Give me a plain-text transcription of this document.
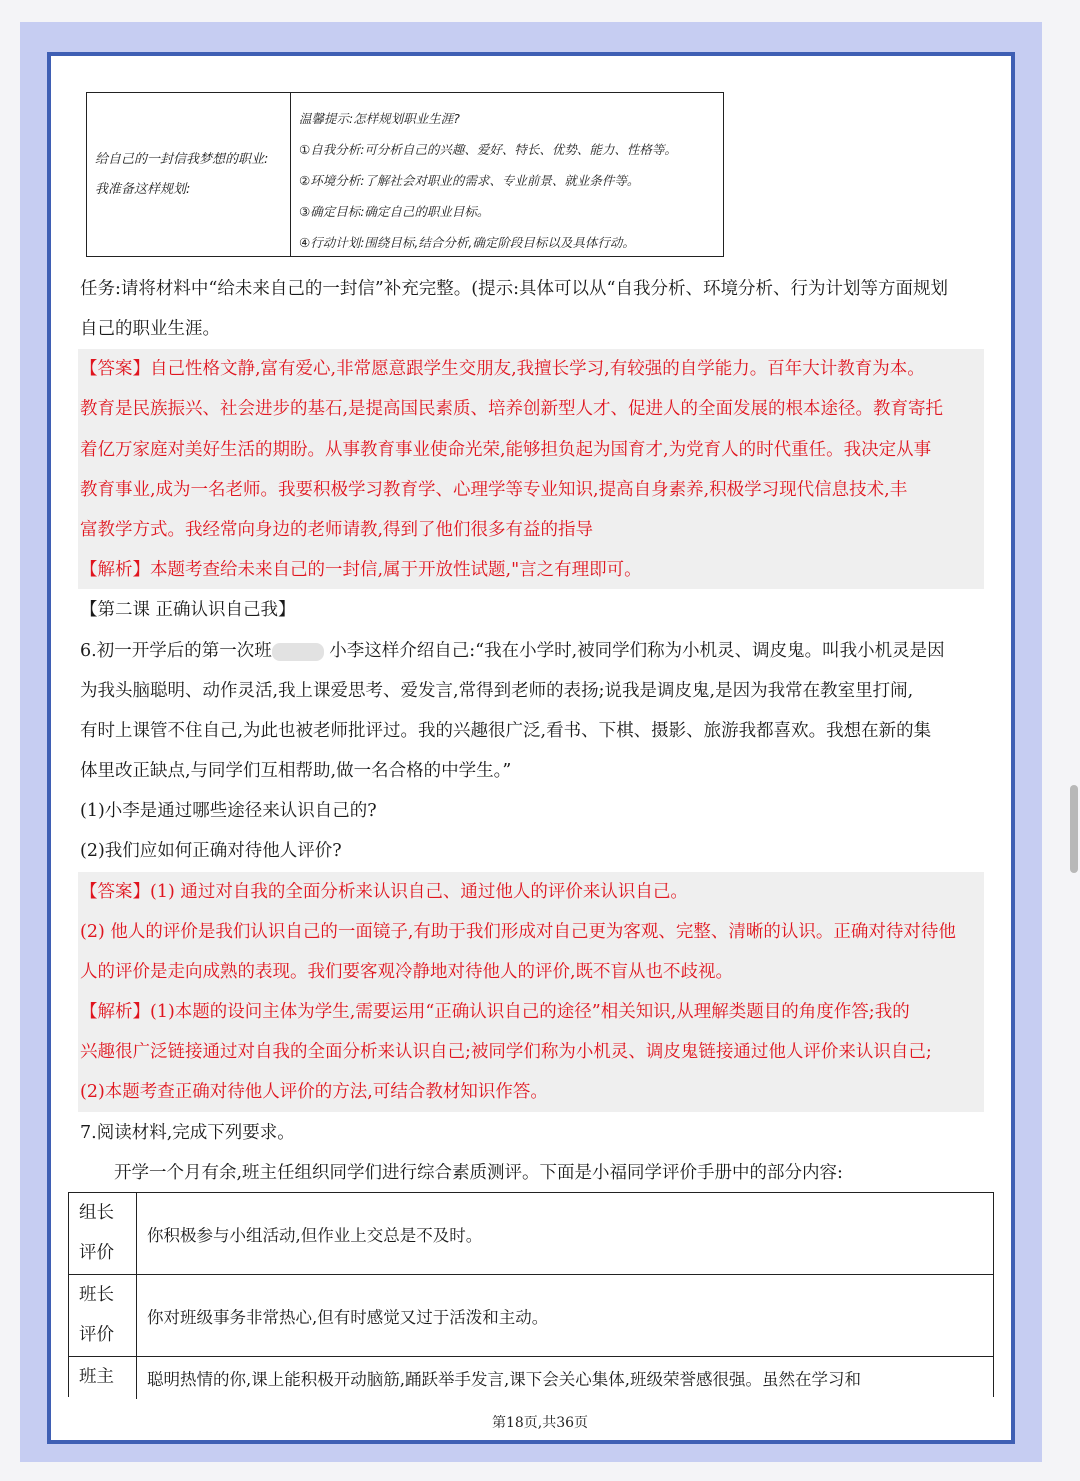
给自己的一封信我梦想的职业:
我准备这样规划:
温馨提示:怎样规划职业生涯?
①自我分析:可分析自己的兴趣、爱好、特长、优势、能力、性格等。
②环境分析:了解社会对职业的需求、专业前景、就业条件等。
③确定目标:确定自己的职业目标。
④行动计划:围绕目标,结合分析,确定阶段目标以及具体行动。
任务:请将材料中“给未来自己的一封信”补充完整。(提示:具体可以从“自我分析、环境分析、行为计划等方面规划
自己的职业生涯。
【答案】自己性格文静,富有爱心,非常愿意跟学生交朋友,我擅长学习,有较强的自学能力。百年大计教育为本。
教育是民族振兴、社会进步的基石,是提高国民素质、培养创新型人才、促进人的全面发展的根本途径。教育寄托
着亿万家庭对美好生活的期盼。从事教育事业使命光荣,能够担负起为国育才,为党育人的时代重任。我决定从事
教育事业,成为一名老师。我要积极学习教育学、心理学等专业知识,提高自身素养,积极学习现代信息技术,丰
富教学方式。我经常向身边的老师请教,得到了他们很多有益的指导
【解析】本题考查给未来自己的一封信,属于开放性试题,"言之有理即可。
【第二课 正确认识自己我】
6.初一开学后的第一次班	小李这样介绍自己:“我在小学时,被同学们称为小机灵、调皮鬼。叫我小机灵是因
为我头脑聪明、动作灵活,我上课爱思考、爱发言,常得到老师的表扬;说我是调皮鬼,是因为我常在教室里打闹,
有时上课管不住自己,为此也被老师批评过。我的兴趣很广泛,看书、下棋、摄影、旅游我都喜欢。我想在新的集
体里改正缺点,与同学们互相帮助,做一名合格的中学生。”
(1)小李是通过哪些途径来认识自己的?
(2)我们应如何正确对待他人评价?
【答案】(1) 通过对自我的全面分析来认识自己、通过他人的评价来认识自己。
(2) 他人的评价是我们认识自己的一面镜子,有助于我们形成对自己更为客观、完整、清晰的认识。正确对待对待他
人的评价是走向成熟的表现。我们要客观冷静地对待他人的评价,既不盲从也不歧视。
【解析】(1)本题的设问主体为学生,需要运用“正确认识自己的途径”相关知识,从理解类题目的角度作答;我的
兴趣很广泛链接通过对自我的全面分析来认识自己;被同学们称为小机灵、调皮鬼链接通过他人评价来认识自己;
(2)本题考查正确对待他人评价的方法,可结合教材知识作答。
7.阅读材料,完成下列要求。
开学一个月有余,班主任组织同学们进行综合素质测评。下面是小福同学评价手册中的部分内容:
组长
评价
你积极参与小组活动,但作业上交总是不及时。
班长
评价
你对班级事务非常热心,但有时感觉又过于活泼和主动。
班主	聪明热情的你,课上能积极开动脑筋,踊跃举手发言,课下会关心集体,班级荣誉感很强。虽然在学习和
第18页,共36页
